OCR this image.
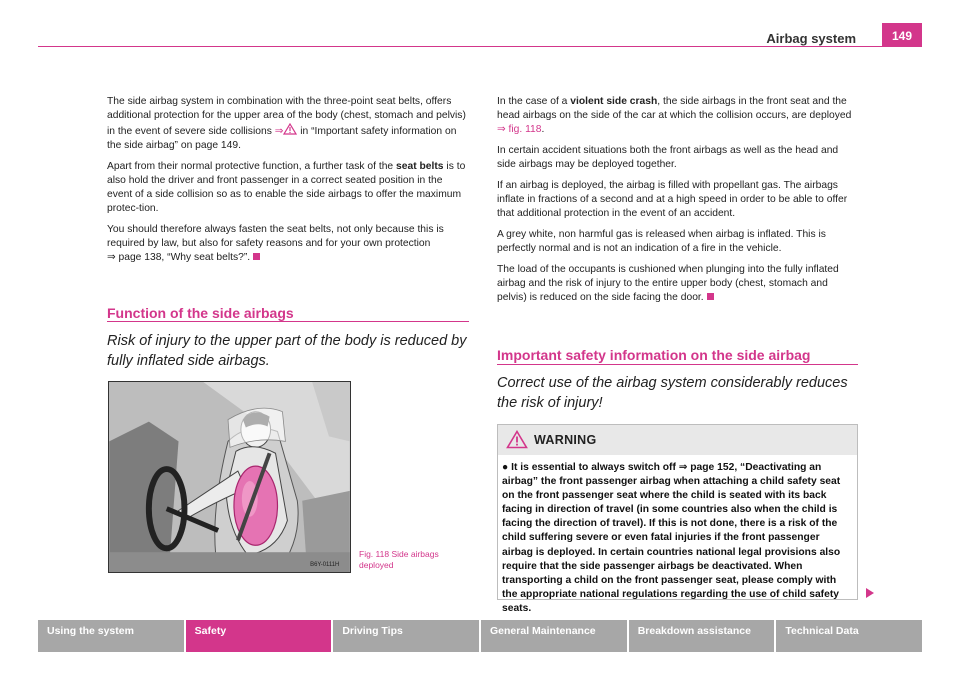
Airbag system	149

The side airbag system in combination with the three-point seat belts, offers additional protection for the upper area of the body (chest, stomach and pelvis) in the event of severe side collisions ⇒ in “Important safety information on the side airbag” on page 149.

Apart from their normal protective function, a further task of the seat belts is to also hold the driver and front passenger in a correct seated position in the event of a side collision so as to enable the side airbags to offer the maximum protec-tion.

You should therefore always fasten the seat belts, not only because this is required by law, but also for safety reasons and for your own protection
⇒ page 138, “Why seat belts?”.

Function of the side airbags
Risk of injury to the upper part of the body is reduced by fully inflated side airbags.
B6Y-0111H
Fig. 118 Side airbags
deployed

In the case of a violent side crash, the side airbags in the front seat and the head airbags on the side of the car at which the collision occurs, are deployed
⇒ fig. 118.

In certain accident situations both the front airbags as well as the head and side airbags may be deployed together.

If an airbag is deployed, the airbag is filled with propellant gas. The airbags inflate in fractions of a second and at a high speed in order to be able to offer that additional protection in the event of an accident.

A grey white, non harmful gas is released when airbag is inflated. This is perfectly normal and is not an indication of a fire in the vehicle.

The load of the occupants is cushioned when plunging into the fully inflated airbag and the risk of injury to the entire upper body (chest, stomach and pelvis) is reduced on the side facing the door.

Important safety information on the side airbag
Correct use of the airbag system considerably reduces the risk of injury!
WARNING
● It is essential to always switch off ⇒ page 152, “Deactivating an airbag” the front passenger airbag when attaching a child safety seat on the front passenger seat where the child is seated with its back facing in direction of travel (in some countries also when the child is facing the direction of travel). If this is not done, there is a risk of the child suffering severe or even fatal injuries if the front passenger airbag is deployed. In certain countries national legal provisions also require that the side passenger airbags be deactivated. When transporting a child on the front passenger seat, please comply with the appropriate national regulations regarding the use of child safety seats.
Using the system	Safety	Driving Tips	General Maintenance	Breakdown assistance	Technical Data
